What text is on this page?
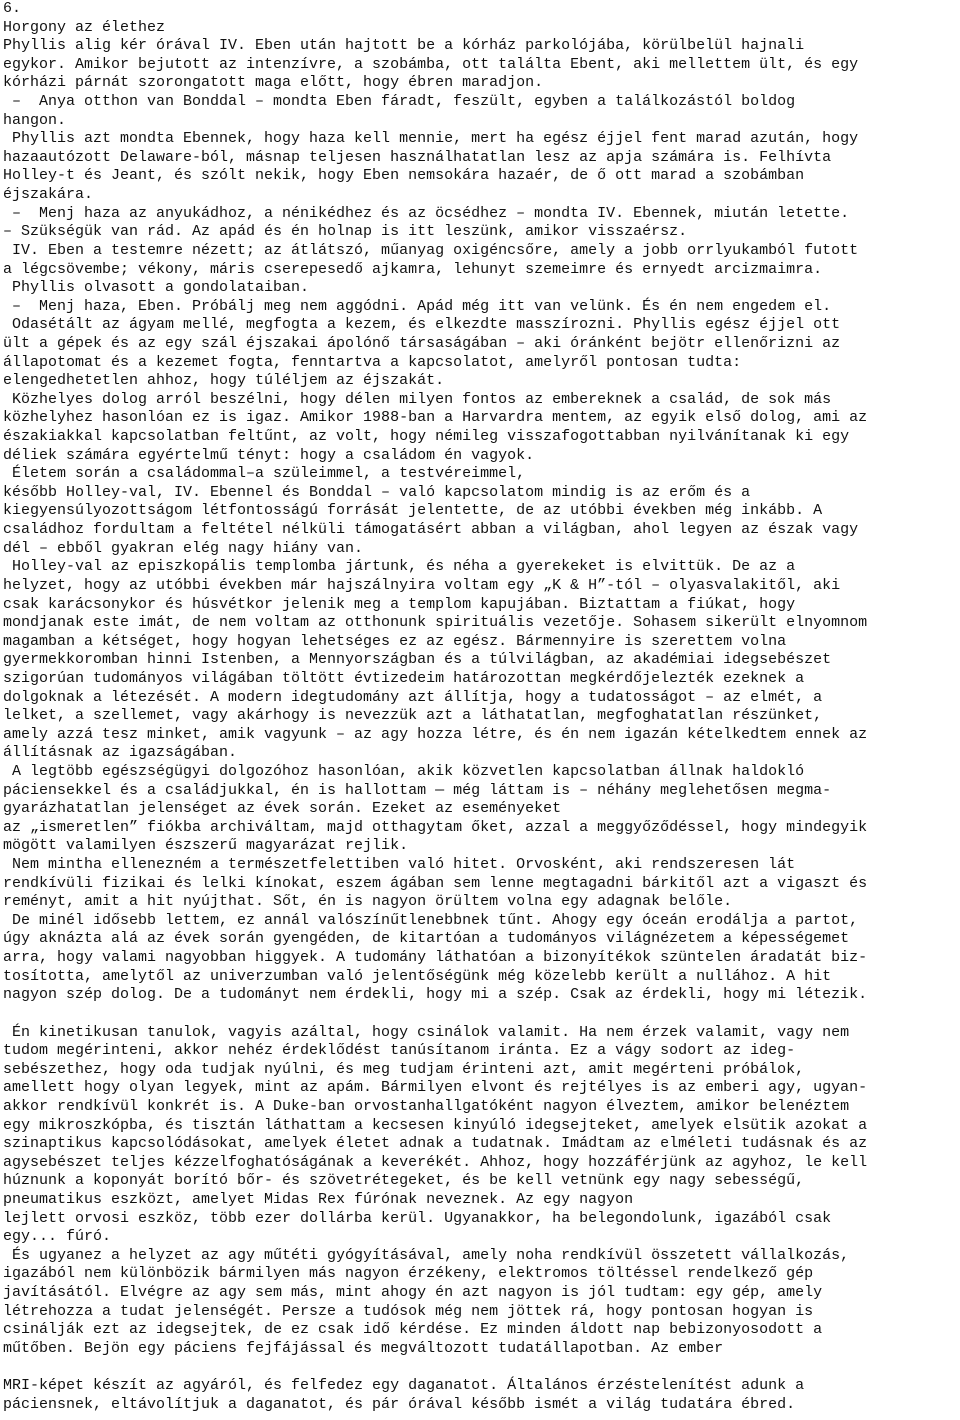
6.
Horgony az élethez
Phyllis alig kér órával IV. Eben után hajtott be a kórház parkolójába, körülbelül hajnali
egykor. Amikor bejutott az intenzívre, a szobámba, ott találta Ebent, aki mellettem ült, és egy
kórházi párnát szorongatott maga előtt, hogy ébren maradjon.
–  Anya otthon van Bonddal – mondta Eben fáradt, feszült, egyben a találkozástól boldog
hangon.
Phyllis azt mondta Ebennek, hogy haza kell mennie, mert ha egész éjjel fent marad azután, hogy
hazaautózott Delaware-ból, másnap teljesen használhatatlan lesz az apja számára is. Felhívta
Holley-t és Jeant, és szólt nekik, hogy Eben nemsokára hazaér, de ő ott marad a szobámban
éjszakára.
–  Menj haza az anyukádhoz, a nénikédhez és az öcsédhez – mondta IV. Ebennek, miután letette.
– Szükségük van rád. Az apád és én holnap is itt leszünk, amikor visszaérsz.
IV. Eben a testemre nézett; az átlátszó, műanyag oxigéncsőre, amely a jobb orrlyukamból futott
a légcsövembe; vékony, máris cserepesedő ajkamra, lehunyt szemeimre és ernyedt arcizmaimra.
Phyllis olvasott a gondolataiban.
–  Menj haza, Eben. Próbálj meg nem aggódni. Apád még itt van velünk. És én nem engedem el.
Odasétált az ágyam mellé, megfogta a kezem, és elkezdte masszírozni. Phyllis egész éjjel ott
ült a gépek és az egy szál éjszakai ápolónő társaságában – aki óránként bejötr ellenőrizni az
állapotomat és a kezemet fogta, fenntartva a kapcsolatot, amelyről pontosan tudta:
elengedhetetlen ahhoz, hogy túléljem az éjszakát.
Közhelyes dolog arról beszélni, hogy délen milyen fontos az embereknek a család, de sok más
közhelyhez hasonlóan ez is igaz. Amikor 1988-ban a Harvardra mentem, az egyik első dolog, ami az
északiakkal kapcsolatban feltűnt, az volt, hogy némileg visszafogottabban nyilvánítanak ki egy
déliek számára egyértelmű tényt: hogy a családom én vagyok.
Életem során a családommal–a szüleimmel, a testvéreimmel,
később Holley-val, IV. Ebennel és Bonddal – való kapcsolatom mindig is az erőm és a
kiegyensúlyozottságom létfontosságú forrását jelentette, de az utóbbi években még inkább. A
családhoz fordultam a feltétel nélküli támogatásért abban a világban, ahol legyen az észak vagy
dél – ebből gyakran elég nagy hiány van.
Holley-val az episzkopális templomba jártunk, és néha a gyerekeket is elvittük. De az a
helyzet, hogy az utóbbi években már hajszálnyira voltam egy „K & H”-tól – olyasvalakitől, aki
csak karácsonykor és húsvétkor jelenik meg a templom kapujában. Biztattam a fiúkat, hogy
mondjanak este imát, de nem voltam az otthonunk spirituális vezetője. Sohasem sikerült elnyomnom
magamban a kétséget, hogy hogyan lehetséges ez az egész. Bármennyire is szerettem volna
gyermekkoromban hinni Istenben, a Mennyországban és a túlvilágban, az akadémiai idegsebészet
szigorúan tudományos világában töltött évtizedeim határozottan megkérdőjelezték ezeknek a
dolgoknak a létezését. A modern idegtudomány azt állítja, hogy a tudatosságot – az elmét, a
lelket, a szellemet, vagy akárhogy is nevezzük azt a láthatatlan, megfoghatatlan részünket,
amely azzá tesz minket, amik vagyunk – az agy hozza létre, és én nem igazán kételkedtem ennek az
állításnak az igazságában.
A legtöbb egészségügyi dolgozóhoz hasonlóan, akik közvetlen kapcsolatban állnak haldokló
páciensekkel és a családjukkal, én is hallottam — még láttam is – néhány meglehetősen megma-
gyarázhatatlan jelenséget az évek során. Ezeket az eseményeket
az „ismeretlen” fiókba archiváltam, majd otthagytam őket, azzal a meggyőződéssel, hogy mindegyik
mögött valamilyen észszerű magyarázat rejlik.
Nem mintha ellenezném a természetfelettiben való hitet. Orvosként, aki rendszeresen lát
rendkívüli fizikai és lelki kínokat, eszem ágában sem lenne megtagadni bárkitől azt a vigaszt és
reményt, amit a hit nyújthat. Sőt, én is nagyon örültem volna egy adagnak belőle.
De minél idősebb lettem, ez annál valószínűtlenebbnek tűnt. Ahogy egy óceán erodálja a partot,
úgy aknázta alá az évek során gyengéden, de kitartóan a tudományos világnézetem a képességemet
arra, hogy valami nagyobban higgyek. A tudomány láthatóan a bizonyítékok szüntelen áradatát biz-
tosította, amelytől az univerzumban való jelentőségünk még közelebb került a nullához. A hit
nagyon szép dolog. De a tudományt nem érdekli, hogy mi a szép. Csak az érdekli, hogy mi létezik.
Én kinetikusan tanulok, vagyis azáltal, hogy csinálok valamit. Ha nem érzek valamit, vagy nem
tudom megérinteni, akkor nehéz érdeklődést tanúsítanom iránta. Ez a vágy sodort az ideg-
sebészethez, hogy oda tudjak nyúlni, és meg tudjam érinteni azt, amit megérteni próbálok,
amellett hogy olyan legyek, mint az apám. Bármilyen elvont és rejtélyes is az emberi agy, ugyan-
akkor rendkívül konkrét is. A Duke-ban orvostanhallgatóként nagyon élveztem, amikor belenéztem
egy mikroszkópba, és tisztán láthattam a kecsesen kinyúló idegsejteket, amelyek elsütik azokat a
szinaptikus kapcsolódásokat, amelyek életet adnak a tudatnak. Imádtam az elméleti tudásnak és az
agysebészet teljes kézzelfoghatóságának a keverékét. Ahhoz, hogy hozzáférjünk az agyhoz, le kell
húznunk a koponyát borító bőr- és szövetrétegeket, és be kell vetnünk egy nagy sebességű,
pneumatikus eszközt, amelyet Midas Rex fúrónak neveznek. Az egy nagyon
lejlett orvosi eszköz, több ezer dollárba kerül. Ugyanakkor, ha belegondolunk, igazából csak
egy... fúró.
És ugyanez a helyzet az agy műtéti gyógyításával, amely noha rendkívül összetett vállalkozás,
igazából nem különbözik bármilyen más nagyon érzékeny, elektromos töltéssel rendelkező gép
javításától. Elvégre az agy sem más, mint ahogy én azt nagyon is jól tudtam: egy gép, amely
létrehozza a tudat jelenségét. Persze a tudósok még nem jöttek rá, hogy pontosan hogyan is
csinálják ezt az idegsejtek, de ez csak idő kérdése. Ez minden áldott nap bebizonyosodott a
műtőben. Bejön egy páciens fejfájással és megváltozott tudatállapotban. Az ember
MRI-képet készít az agyáról, és felfedez egy daganatot. Általános érzéstelenítést adunk a
páciensnek, eltávolítjuk a daganatot, és pár órával később ismét a világ tudatára ébred.
